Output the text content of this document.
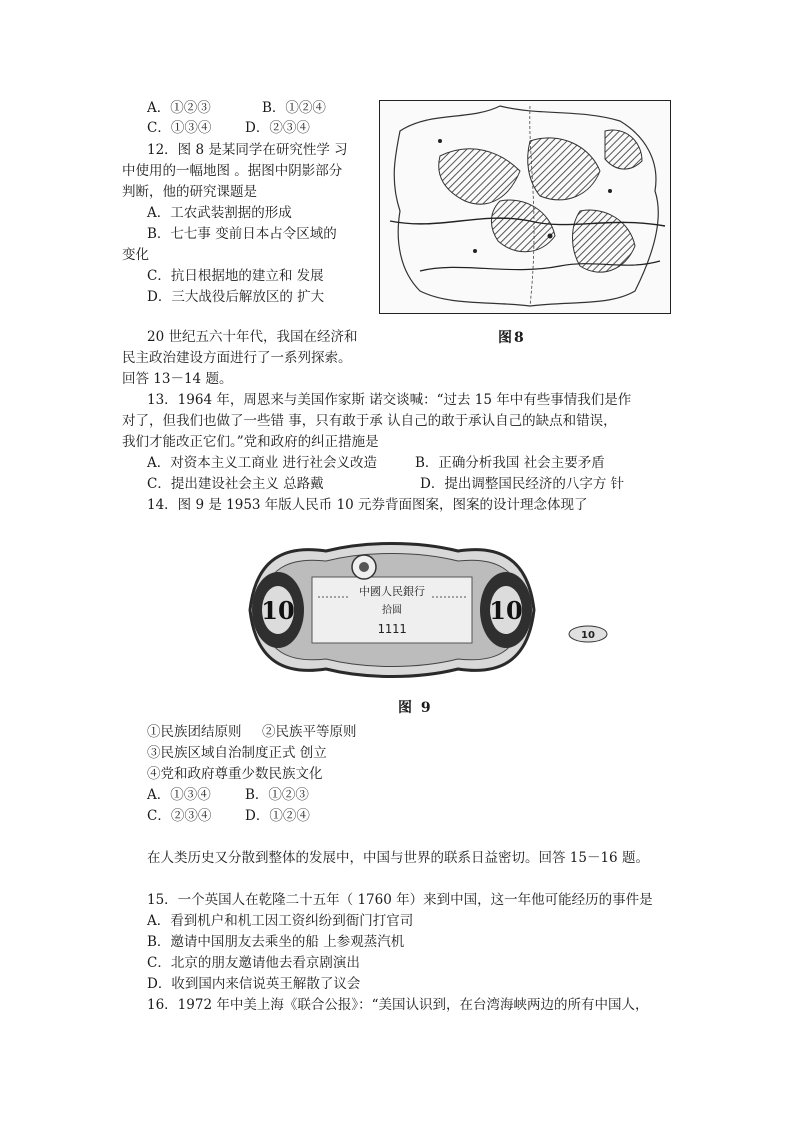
A．①②③	B．①②④
C．①③④ D．②③④
12．图 8 是某同学在研究性学 习
中使用的一幅地图 。据图中阴影部分
判断，他的研究课题是
A．工农武装割据的形成
B．七七事 变前日本占令区域的
变化
C．抗日根据地的建立和 发展
D．三大战役后解放区的 扩大
图8
20 世纪五六十年代，我国在经济和
民主政治建设方面进行了一系列探索。
回答 13－14 题。
13．1964 年，周恩来与美国作家斯 诺交谈喊：“过去 15 年中有些事情我们是作
对了，但我们也做了一些错 事，只有敢于承 认自己的敢于承认自己的缺点和错误，
我们才能改正它们。”党和政府的纠正措施是
A．对资本主义工商业 进行社会义改造	B．正确分析我国 社会主要矛盾
C．提出建设社会主义 总路戴	D．提出调整国民经济的八字方 针
14．图 9 是 1953 年版人民币 10 元券背面图案，图案的设计理念体现了
10	10
中國人民銀行
拾圆
1111	10
图 9
①民族团结原则 ②民族平等原则
③民族区域自治制度正式 创立
④党和政府尊重少数民族文化
A．①③④	B．①②③
C．②③④ D．①②④
在人类历史又分散到整体的发展中，中国与世界的联系日益密切。回答 15－16 题。
15．一个英国人在乾隆二十五年（ 1760 年）来到中国，这一年他可能经历的事件是
A．看到机户和机工因工资纠纷到衙门打官司
B．邀请中国朋友去乘坐的船 上参观蒸汽机
C．北京的朋友邀请他去看京剧演出
D．收到国内来信说英王解散了议会
16．1972 年中美上海《联合公报》：“美国认识到，在台湾海峡两边的所有中国人，
